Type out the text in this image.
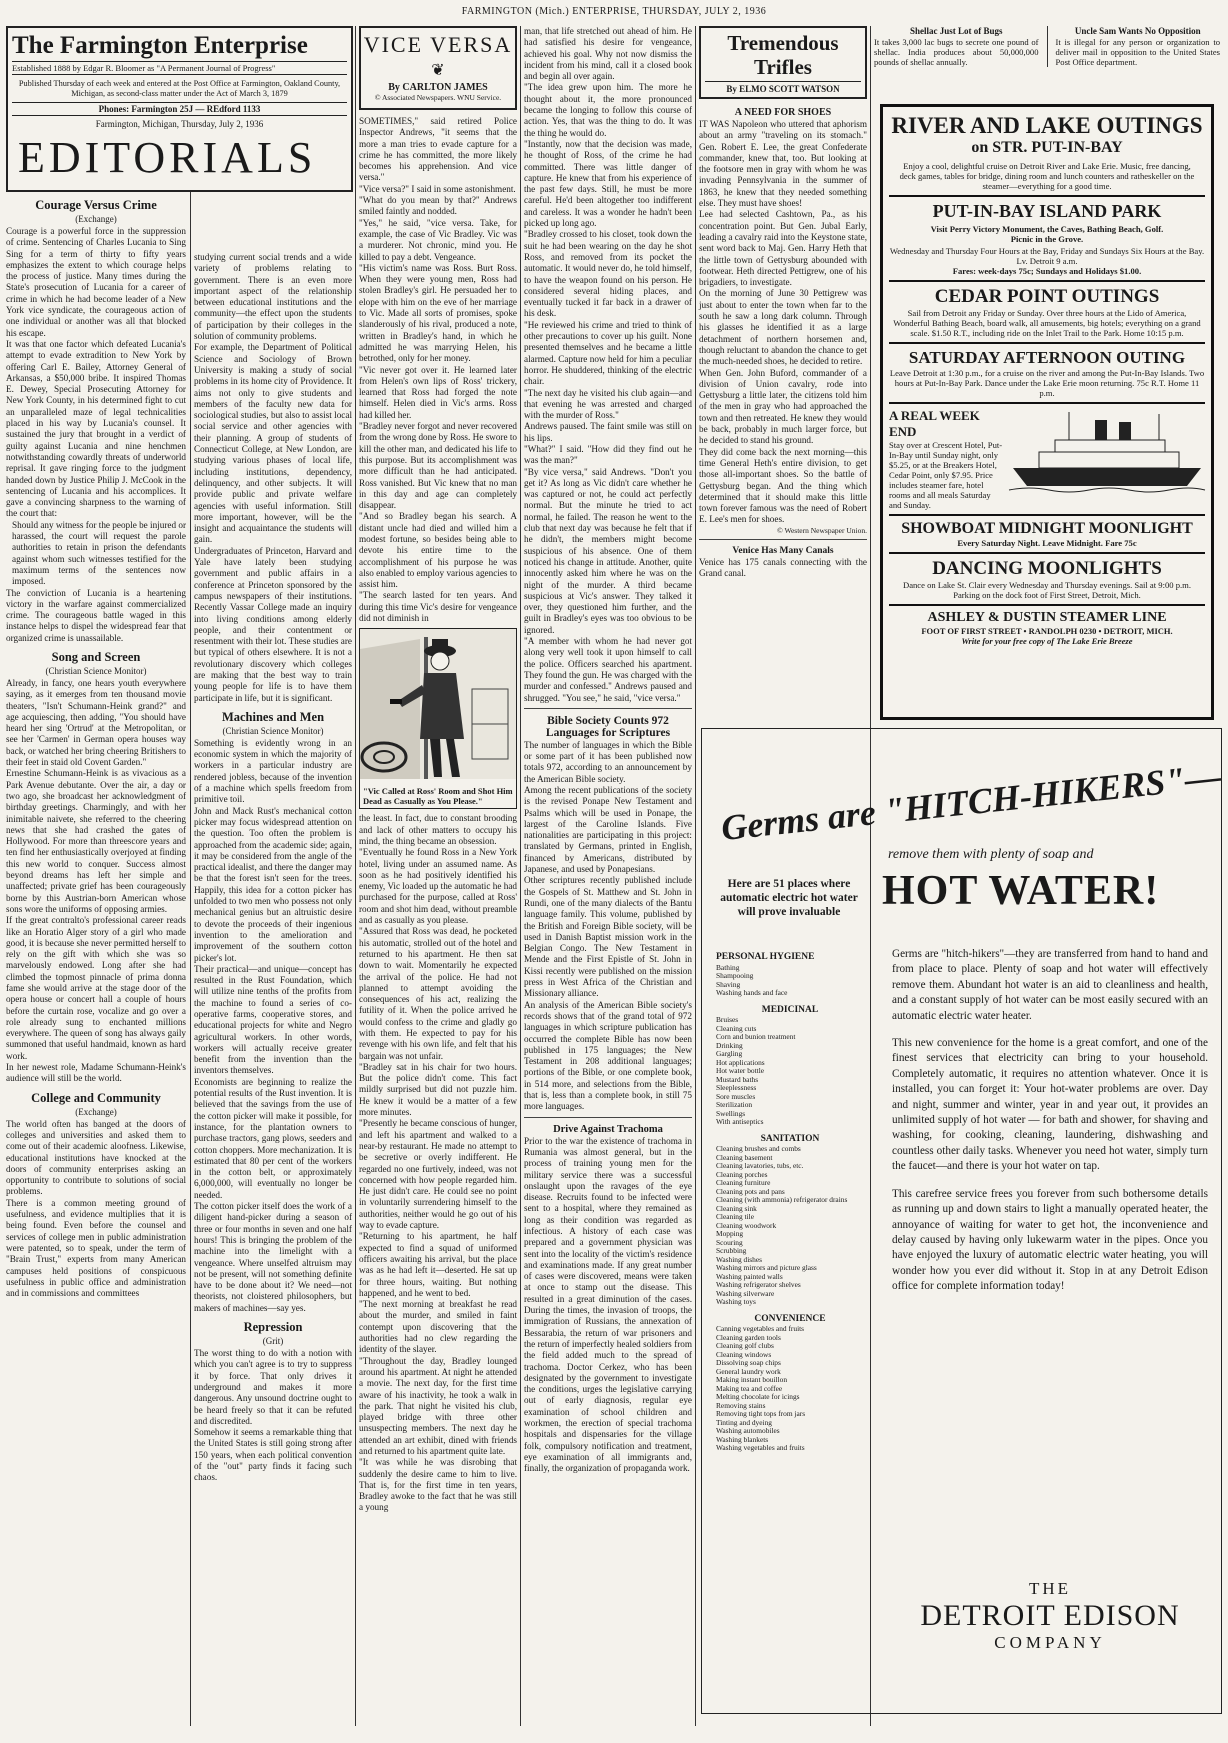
FARMINGTON (Mich.) ENTERPRISE, THURSDAY, JULY 2, 1936
The Farmington Enterprise
Established 1888 by Edgar R. Bloomer as "A Permanent Journal of Progress"
Published Thursday of each week and entered at the Post Office at Farmington, Oakland County, Michigan, as second-class matter under the Act of March 3, 1879
Phones: Farmington 25J — REdford 1133
Farmington, Michigan, Thursday, July 2, 1936
EDITORIALS
Courage Versus Crime
(Exchange)

Courage is a powerful force in the suppression of crime. Sentencing of Charles Lucania to Sing Sing for a term of thirty to fifty years emphasizes the extent to which courage helps the process of justice. Many times during the State's prosecution of Lucania for a career of crime in which he had become leader of a New York vice syndicate, the courageous action of one individual or another was all that blocked his escape.

It was that one factor which defeated Lucania's attempt to evade extradition to New York by offering Carl E. Bailey, Attorney General of Arkansas, a $50,000 bribe. It inspired Thomas E. Dewey, Special Prosecuting Attorney for New York County, in his determined fight to cut an unparalleled maze of legal technicalities placed in his way by Lucania's counsel. It sustained the jury that brought in a verdict of guilty against Lucania and nine henchmen notwithstanding cowardly threats of underworld reprisal. It gave ringing force to the judgment handed down by Justice Philip J. McCook in the sentencing of Lucania and his accomplices. It gave a convincing sharpness to the warning of the court that:

Should any witness for the people be injured or harassed, the court will request the parole authorities to retain in prison the defendants against whom such witnesses testified for the maximum terms of the sentences now imposed.

The conviction of Lucania is a heartening victory in the warfare against commercialized crime. The courageous battle waged in this instance helps to dispel the widespread fear that organized crime is unassailable.

Song and Screen
(Christian Science Monitor)

Already, in fancy, one hears youth everywhere saying, as it emerges from ten thousand movie theaters, "Isn't Schumann-Heink grand?" and age acquiescing, then adding, "You should have heard her sing 'Ortrud' at the Metropolitan, or see her 'Carmen' in German opera houses way back, or watched her bring cheering Britishers to their feet in staid old Covent Garden."

Ernestine Schumann-Heink is as vivacious as a Park Avenue debutante. Over the air, a day or two ago, she broadcast her acknowledgment of birthday greetings. Charmingly, and with her inimitable naivete, she referred to the cheering news that she had crashed the gates of Hollywood. For more than threescore years and ten find her enthusiastically overjoyed at finding this new world to conquer. Success almost beyond dreams has left her simple and unaffected; private grief has been courageously borne by this Austrian-born American whose sons wore the uniforms of opposing armies.

If the great contralto's professional career reads like an Horatio Alger story of a girl who made good, it is because she never permitted herself to rely on the gift with which she was so marvelously endowed. Long after she had climbed the topmost pinnacle of prima donna fame she would arrive at the stage door of the opera house or concert hall a couple of hours before the curtain rose, vocalize and go over a role already sung to enchanted millions everywhere. The queen of song has always gaily summoned that useful handmaid, known as hard work.

In her newest role, Madame Schumann-Heink's audience will still be the world.

College and Community
(Exchange)

The world often has banged at the doors of colleges and universities and asked them to come out of their academic aloofness. Likewise, educational institutions have knocked at the doors of community enterprises asking an opportunity to contribute to solutions of social problems.

There is a common meeting ground of usefulness, and evidence multiplies that it is being found. Even before the counsel and services of college men in public administration were patented, so to speak, under the term of "Brain Trust," experts from many American campuses held positions of conspicuous usefulness in public office and administration and in commissions and committees

studying current social trends and a wide variety of problems relating to government. There is an even more important aspect of the relationship between educational institutions and the community—the effect upon the students of participation by their colleges in the solution of community problems.

For example, the Department of Political Science and Sociology of Brown University is making a study of social problems in its home city of Providence. It aims not only to give students and members of the faculty new data for sociological studies, but also to assist local social service and other agencies with their planning. A group of students of Connecticut College, at New London, are studying various phases of local life, including institutions, dependency, delinquency, and other subjects. It will provide public and private welfare agencies with useful information. Still more important, however, will be the insight and acquaintance the students will gain.

Undergraduates of Princeton, Harvard and Yale have lately been studying government and public affairs in a conference at Princeton sponsored by the campus newspapers of their institutions. Recently Vassar College made an inquiry into living conditions among elderly people, and their contentment or resentment with their lot. These studies are but typical of others elsewhere. It is not a revolutionary discovery which colleges are making that the best way to train young people for life is to have them participate in life, but it is significant.

Machines and Men
(Christian Science Monitor)

Something is evidently wrong in an economic system in which the majority of workers in a particular industry are rendered jobless, because of the invention of a machine which spells freedom from primitive toil.

John and Mack Rust's mechanical cotton picker may focus widespread attention on the question. Too often the problem is approached from the academic side; again, it may be considered from the angle of the practical idealist, and there the danger may be that the forest isn't seen for the trees. Happily, this idea for a cotton picker has unfolded to two men who possess not only mechanical genius but an altruistic desire to devote the proceeds of their ingenious invention to the amelioration and improvement of the southern cotton picker's lot.

Their practical—and unique—concept has resulted in the Rust Foundation, which will utilize nine tenths of the profits from the machine to found a series of co-operative farms, cooperative stores, and educational projects for white and Negro agricultural workers. In other words, workers will actually receive greater benefit from the invention than the inventors themselves.

Economists are beginning to realize the potential results of the Rust invention. It is believed that the savings from the use of the cotton picker will make it possible, for instance, for the plantation owners to purchase tractors, gang plows, seeders and cotton choppers. More mechanization. It is estimated that 80 per cent of the workers in the cotton belt, or approximately 6,000,000, will eventually no longer be needed.

The cotton picker itself does the work of a diligent hand-picker during a season of three or four months in seven and one half hours! This is bringing the problem of the machine into the limelight with a vengeance. Where unselfed altruism may not be present, will not something definite have to be done about it? We need—not theorists, not cloistered philosophers, but makers of machines—say yes.

Repression
(Grit)

The worst thing to do with a notion with which you can't agree is to try to suppress it by force. That only drives it underground and makes it more dangerous. Any unsound doctrine ought to be heard freely so that it can be refuted and discredited.

Somehow it seems a remarkable thing that the United States is still going strong after 150 years, when each political convention of the "out" party finds it facing such chaos.

VICE VERSA
❦
By CARLTON JAMES
© Associated Newspapers. WNU Service.

SOMETIMES," said retired Police Inspector Andrews, "it seems that the more a man tries to evade capture for a crime he has committed, the more likely becomes his apprehension. And vice versa."

"Vice versa?" I said in some astonishment.

"What do you mean by that?" Andrews smiled faintly and nodded.

"Yes," he said, "vice versa. Take, for example, the case of Vic Bradley. Vic was a murderer. Not chronic, mind you. He killed to pay a debt. Vengeance.

"His victim's name was Ross. Burt Ross. When they were young men, Ross had stolen Bradley's girl. He persuaded her to elope with him on the eve of her marriage to Vic. Made all sorts of promises, spoke slanderously of his rival, produced a note, written in Bradley's hand, in which he admitted he was marrying Helen, his betrothed, only for her money.

"Vic never got over it. He learned later from Helen's own lips of Ross' trickery, learned that Ross had forged the note himself. Helen died in Vic's arms. Ross had killed her.

"Bradley never forgot and never recovered from the wrong done by Ross. He swore to kill the other man, and dedicated his life to this purpose. But its accomplishment was more difficult than he had anticipated. Ross vanished. But Vic knew that no man in this day and age can completely disappear.

"And so Bradley began his search. A distant uncle had died and willed him a modest fortune, so besides being able to devote his entire time to the accomplishment of his purpose he was also enabled to employ various agencies to assist him.

"The search lasted for ten years. And during this time Vic's desire for vengeance did not diminish in

"Vic Called at Ross' Room and Shot Him Dead as Casually as You Please."

the least. In fact, due to constant brooding and lack of other matters to occupy his mind, the thing became an obsession.

"Eventually he found Ross in a New York hotel, living under an assumed name. As soon as he had positively identified his enemy, Vic loaded up the automatic he had purchased for the purpose, called at Ross' room and shot him dead, without preamble and as casually as you please.

"Assured that Ross was dead, he pocketed his automatic, strolled out of the hotel and returned to his apartment. He then sat down to wait. Momentarily he expected the arrival of the police. He had not planned to attempt avoiding the consequences of his act, realizing the futility of it. When the police arrived he would confess to the crime and gladly go with them. He expected to pay for his revenge with his own life, and felt that his bargain was not unfair.

"Bradley sat in his chair for two hours. But the police didn't come. This fact mildly surprised but did not puzzle him. He knew it would be a matter of a few more minutes.

"Presently he became conscious of hunger, and left his apartment and walked to a near-by restaurant. He made no attempt to be secretive or overly indifferent. He regarded no one furtively, indeed, was not concerned with how people regarded him. He just didn't care. He could see no point in voluntarily surrendering himself to the authorities, neither would he go out of his way to evade capture.

"Returning to his apartment, he half expected to find a squad of uniformed officers awaiting his arrival, but the place was as he had left it—deserted. He sat up for three hours, waiting. But nothing happened, and he went to bed.

"The next morning at breakfast he read about the murder, and smiled in faint contempt upon discovering that the authorities had no clew regarding the identity of the slayer.

"Throughout the day, Bradley lounged around his apartment. At night he attended a movie. The next day, for the first time aware of his inactivity, he took a walk in the park. That night he visited his club, played bridge with three other unsuspecting members. The next day he attended an art exhibit, dined with friends and returned to his apartment quite late.

"It was while he was disrobing that suddenly the desire came to him to live. That is, for the first time in ten years, Bradley awoke to the fact that he was still a young

man, that life stretched out ahead of him. He had satisfied his desire for vengeance, achieved his goal. Why not now dismiss the incident from his mind, call it a closed book and begin all over again.

"The idea grew upon him. The more he thought about it, the more pronounced became the longing to follow this course of action. Yes, that was the thing to do. It was the thing he would do.

"Instantly, now that the decision was made, he thought of Ross, of the crime he had committed. There was little danger of capture. He knew that from his experience of the past few days. Still, he must be more careful. He'd been altogether too indifferent and careless. It was a wonder he hadn't been picked up long ago.

"Bradley crossed to his closet, took down the suit he had been wearing on the day he shot Ross, and removed from its pocket the automatic. It would never do, he told himself, to have the weapon found on his person. He considered several hiding places, and eventually tucked it far back in a drawer of his desk.

"He reviewed his crime and tried to think of other precautions to cover up his guilt. None presented themselves and he became a little alarmed. Capture now held for him a peculiar horror. He shuddered, thinking of the electric chair.

"The next day he visited his club again—and that evening he was arrested and charged with the murder of Ross."

Andrews paused. The faint smile was still on his lips.

"What?" I said. "How did they find out he was the man?"

"By vice versa," said Andrews. "Don't you get it? As long as Vic didn't care whether he was captured or not, he could act perfectly normal. But the minute he tried to act normal, he failed. The reason he went to the club that next day was because he felt that if he didn't, the members might become suspicious of his absence. One of them noticed his change in attitude. Another, quite innocently asked him where he was on the night of the murder. A third became suspicious at Vic's answer. They talked it over, they questioned him further, and the guilt in Bradley's eyes was too obvious to be ignored.

"A member with whom he had never got along very well took it upon himself to call the police. Officers searched his apartment. They found the gun. He was charged with the murder and confessed." Andrews paused and shrugged. "You see," he said, "vice versa."

Bible Society Counts 972 Languages for Scriptures

The number of languages in which the Bible or some part of it has been published now totals 972, according to an announcement by the American Bible society.

Among the recent publications of the society is the revised Ponape New Testament and Psalms which will be used in Ponape, the largest of the Caroline Islands. Five nationalities are participating in this project: translated by Germans, printed in English, financed by Americans, distributed by Japanese, and used by Ponapesians.

Other scriptures recently published include the Gospels of St. Matthew and St. John in Rundi, one of the many dialects of the Bantu language family. This volume, published by the British and Foreign Bible society, will be used in Danish Baptist mission work in the Belgian Congo. The New Testament in Mende and the First Epistle of St. John in Kissi recently were published on the mission press in West Africa of the Christian and Missionary alliance.

An analysis of the American Bible society's records shows that of the grand total of 972 languages in which scripture publication has occurred the complete Bible has now been published in 175 languages; the New Testament in 208 additional languages; portions of the Bible, or one complete book, in 514 more, and selections from the Bible, that is, less than a complete book, in still 75 more languages.

Drive Against Trachoma

Prior to the war the existence of trachoma in Rumania was almost general, but in the process of training young men for the military service there was a successful onslaught upon the ravages of the eye disease. Recruits found to be infected were sent to a hospital, where they remained as long as their condition was regarded as infectious. A history of each case was prepared and a government physician was sent into the locality of the victim's residence and examinations made. If any great number of cases were discovered, means were taken at once to stamp out the disease. This resulted in a great diminution of the cases. During the times, the invasion of troops, the immigration of Russians, the annexation of Bessarabia, the return of war prisoners and the return of imperfectly healed soldiers from the field added much to the spread of trachoma. Doctor Cerkez, who has been designated by the government to investigate the conditions, urges the legislative carrying out of early diagnosis, regular eye examination of school children and workmen, the erection of special trachoma hospitals and dispensaries for the village folk, compulsory notification and treatment, eye examination of all immigrants and, finally, the organization of propaganda work.

Tremendous
Trifles
By ELMO SCOTT WATSON
A NEED FOR SHOES

IT WAS Napoleon who uttered that aphorism about an army "traveling on its stomach." Gen. Robert E. Lee, the great Confederate commander, knew that, too. But looking at the footsore men in gray with whom he was invading Pennsylvania in the summer of 1863, he knew that they needed something else. They must have shoes!

Lee had selected Cashtown, Pa., as his concentration point. But Gen. Jubal Early, leading a cavalry raid into the Keystone state, sent word back to Maj. Gen. Harry Heth that the little town of Gettysburg abounded with footwear. Heth directed Pettigrew, one of his brigadiers, to investigate.

On the morning of June 30 Pettigrew was just about to enter the town when far to the south he saw a long dark column. Through his glasses he identified it as a large detachment of northern horsemen and, though reluctant to abandon the chance to get the much-needed shoes, he decided to retire.

When Gen. John Buford, commander of a division of Union cavalry, rode into Gettysburg a little later, the citizens told him of the men in gray who had approached the town and then retreated. He knew they would be back, probably in much larger force, but he decided to stand his ground.

They did come back the next morning—this time General Heth's entire division, to get those all-important shoes. So the battle of Gettysburg began. And the thing which determined that it should make this little town forever famous was the need of Robert E. Lee's men for shoes.

© Western Newspaper Union.
Venice Has Many Canals

Venice has 175 canals connecting with the Grand canal.

Shellac Just Lot of Bugs

It takes 3,000 lac bugs to secrete one pound of shellac. India produces about 50,000,000 pounds of shellac annually.

Uncle Sam Wants No Opposition

It is illegal for any person or organization to deliver mail in opposition to the United States Post Office department.

RIVER AND LAKE OUTINGS
on STR. PUT-IN-BAY

Enjoy a cool, delightful cruise on Detroit River and Lake Erie. Music, free dancing, deck games, tables for bridge, dining room and lunch counters and ratheskeller on the steamer—everything for a good time.

PUT-IN-BAY ISLAND PARK

Visit Perry Victory Monument, the Caves, Bathing Beach, Golf. Picnic in the Grove.

Wednesday and Thursday Four Hours at the Bay, Friday and Sundays Six Hours at the Bay. Lv. Detroit 9 a.m.

Fares: week-days 75c; Sundays and Holidays $1.00.

CEDAR POINT OUTINGS

Sail from Detroit any Friday or Sunday. Over three hours at the Lido of America, Wonderful Bathing Beach, board walk, all amusements, big hotels; everything on a grand scale. $1.50 R.T., including ride on the Inlet Trail to the Park. Home 10:15 p.m.

SATURDAY AFTERNOON OUTING

Leave Detroit at 1:30 p.m., for a cruise on the river and among the Put-In-Bay Islands. Two hours at Put-In-Bay Park. Dance under the Lake Erie moon returning. 75c R.T. Home 11 p.m.

A REAL WEEK END

Stay over at Crescent Hotel, Put-In-Bay until Sunday night, only $5.25, or at the Breakers Hotel, Cedar Point, only $7.95. Price includes steamer fare, hotel rooms and all meals Saturday and Sunday.

SHOWBOAT MIDNIGHT MOONLIGHT

Every Saturday Night. Leave Midnight. Fare 75c

DANCING MOONLIGHTS

Dance on Lake St. Clair every Wednesday and Thursday evenings. Sail at 9:00 p.m. Parking on the dock foot of First Street, Detroit, Mich.

ASHLEY & DUSTIN STEAMER LINE
FOOT OF FIRST STREET • RANDOLPH 0230 • DETROIT, MICH.
Write for your free copy of The Lake Erie Breeze
Germs are "HITCH-HIKERS"—
remove them with plenty of soap and
HOT WATER!
Here are 51 places where automatic electric hot water will prove invaluable
PERSONAL HYGIENE
Bathing
Shampooing
Shaving
Washing hands and face
MEDICINAL
Bruises
Cleaning cuts
Corn and bunion treatment
Drinking
Gargling
Hot applications
Hot water bottle
Mustard baths
Sleeplessness
Sore muscles
Sterilization
Swellings
With antiseptics
SANITATION
Cleaning brushes and combs
Cleaning basement
Cleaning lavatories, tubs, etc.
Cleaning porches
Cleaning furniture
Cleaning pots and pans
Cleaning (with ammonia) refrigerator drains
Cleaning sink
Cleaning tile
Cleaning woodwork
Mopping
Scouring
Scrubbing
Washing dishes
Washing mirrors and picture glass
Washing painted walls
Washing refrigerator shelves
Washing silverware
Washing toys
CONVENIENCE
Canning vegetables and fruits
Cleaning garden tools
Cleaning golf clubs
Cleaning windows
Dissolving soap chips
General laundry work
Making instant bouillon
Making tea and coffee
Melting chocolate for icings
Removing stains
Removing tight tops from jars
Tinting and dyeing
Washing automobiles
Washing blankets
Washing vegetables and fruits

Germs are "hitch-hikers"—they are transferred from hand to hand and from place to place. Plenty of soap and hot water will effectively remove them. Abundant hot water is an aid to cleanliness and health, and a constant supply of hot water can be most easily secured with an automatic electric water heater.

This new convenience for the home is a great comfort, and one of the finest services that electricity can bring to your household. Completely automatic, it requires no attention whatever. Once it is installed, you can forget it: Your hot-water problems are over. Day and night, summer and winter, year in and year out, it provides an unlimited supply of hot water — for bath and shower, for shaving and washing, for cooking, cleaning, laundering, dishwashing and countless other daily tasks. Whenever you need hot water, simply turn the faucet—and there is your hot water on tap.

This carefree service frees you forever from such bothersome details as running up and down stairs to light a manually operated heater, the annoyance of waiting for water to get hot, the inconvenience and delay caused by having only lukewarm water in the pipes. Once you have enjoyed the luxury of automatic electric water heating, you will wonder how you ever did without it. Stop in at any Detroit Edison office for complete information today!

THE
DETROIT EDISON
COMPANY
